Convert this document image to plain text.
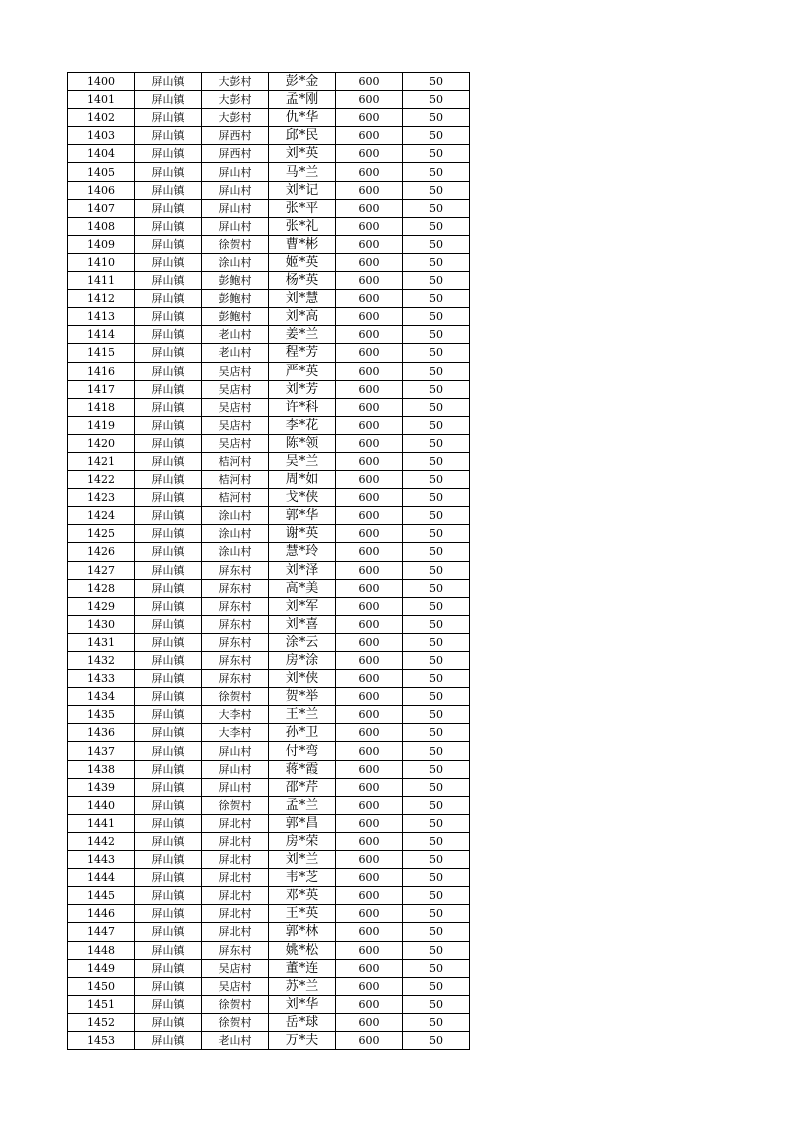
1400	屏山镇	大彭村	彭*金	600	50
1401	屏山镇	大彭村	孟*刚	600	50
1402	屏山镇	大彭村	仇*华	600	50
1403	屏山镇	屏西村	邱*民	600	50
1404	屏山镇	屏西村	刘*英	600	50
1405	屏山镇	屏山村	马*兰	600	50
1406	屏山镇	屏山村	刘*记	600	50
1407	屏山镇	屏山村	张*平	600	50
1408	屏山镇	屏山村	张*礼	600	50
1409	屏山镇	徐贺村	曹*彬	600	50
1410	屏山镇	涂山村	姬*英	600	50
1411	屏山镇	彭鲍村	杨*英	600	50
1412	屏山镇	彭鲍村	刘*慧	600	50
1413	屏山镇	彭鲍村	刘*高	600	50
1414	屏山镇	老山村	姜*兰	600	50
1415	屏山镇	老山村	程*芳	600	50
1416	屏山镇	吴店村	严*英	600	50
1417	屏山镇	吴店村	刘*芳	600	50
1418	屏山镇	吴店村	许*科	600	50
1419	屏山镇	吴店村	李*花	600	50
1420	屏山镇	吴店村	陈*领	600	50
1421	屏山镇	桔河村	吴*兰	600	50
1422	屏山镇	桔河村	周*如	600	50
1423	屏山镇	桔河村	戈*侠	600	50
1424	屏山镇	涂山村	郭*华	600	50
1425	屏山镇	涂山村	谢*英	600	50
1426	屏山镇	涂山村	慧*玲	600	50
1427	屏山镇	屏东村	刘*泽	600	50
1428	屏山镇	屏东村	高*美	600	50
1429	屏山镇	屏东村	刘*军	600	50
1430	屏山镇	屏东村	刘*喜	600	50
1431	屏山镇	屏东村	涂*云	600	50
1432	屏山镇	屏东村	房*涂	600	50
1433	屏山镇	屏东村	刘*侠	600	50
1434	屏山镇	徐贺村	贺*举	600	50
1435	屏山镇	大李村	王*兰	600	50
1436	屏山镇	大李村	孙*卫	600	50
1437	屏山镇	屏山村	付*弯	600	50
1438	屏山镇	屏山村	蒋*霞	600	50
1439	屏山镇	屏山村	邵*芹	600	50
1440	屏山镇	徐贺村	孟*兰	600	50
1441	屏山镇	屏北村	郭*昌	600	50
1442	屏山镇	屏北村	房*荣	600	50
1443	屏山镇	屏北村	刘*兰	600	50
1444	屏山镇	屏北村	韦*芝	600	50
1445	屏山镇	屏北村	邓*英	600	50
1446	屏山镇	屏北村	王*英	600	50
1447	屏山镇	屏北村	郭*林	600	50
1448	屏山镇	屏东村	姚*松	600	50
1449	屏山镇	吴店村	董*连	600	50
1450	屏山镇	吴店村	苏*兰	600	50
1451	屏山镇	徐贺村	刘*华	600	50
1452	屏山镇	徐贺村	岳*球	600	50
1453	屏山镇	老山村	万*夫	600	50
